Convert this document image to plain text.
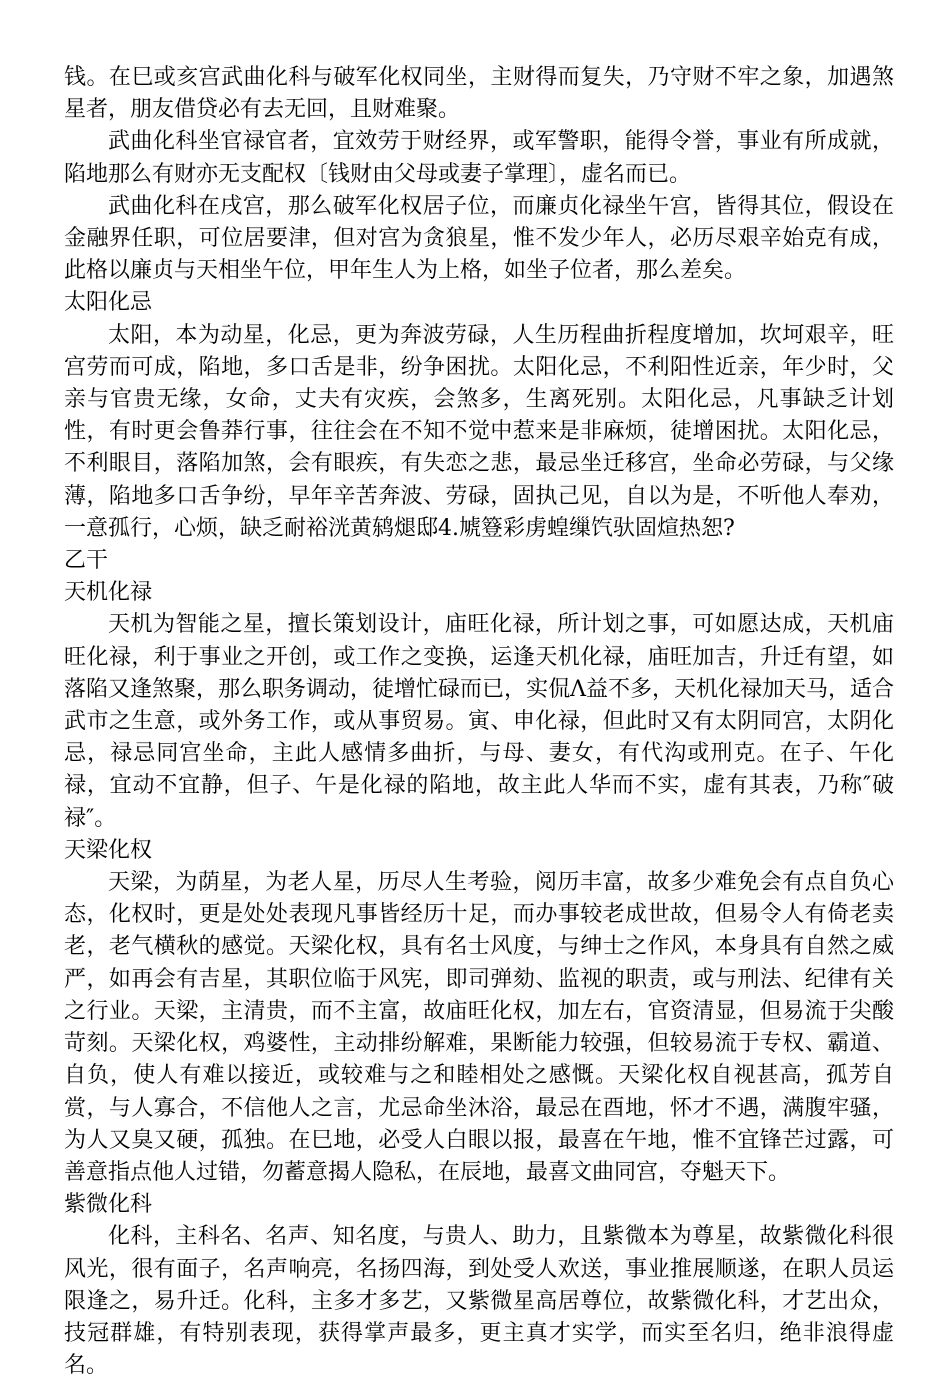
钱。在巳或亥宫武曲化科与破军化权同坐，主财得而复失，乃守财不牢之象，加遇煞星者，朋友借贷必有去无回，且财难聚。

武曲化科坐官禄官者，宜效劳于财经界，或军警职，能得令誉，事业有所成就，陷地那么有财亦无支配权〔钱财由父母或妻子掌理〕，虚名而已。

武曲化科在戌宫，那么破军化权居子位，而廉贞化禄坐午宫，皆得其位，假设在金融界任职，可位居要津，但对宫为贪狼星，惟不发少年人，必历尽艰辛始克有成，此格以廉贞与天相坐午位，甲年生人为上格，如坐子位者，那么差矣。

太阳化忌

太阳，本为动星，化忌，更为奔波劳碌，人生历程曲折程度增加，坎坷艰辛，旺宫劳而可成，陷地，多口舌是非，纷争困扰。太阳化忌，不利阳性近亲，年少时，父亲与官贵无缘，女命，丈夫有灾疾，会煞多，生离死别。太阳化忌，凡事缺乏计划性，有时更会鲁莽行事，往往会在不知不觉中惹来是非麻烦，徒增困扰。太阳化忌，不利眼目，落陷加煞，会有眼疾，有失恋之悲，最忌坐迁移宫，坐命必劳碌，与父缘薄，陷地多口舌争纷，早年辛苦奔波、劳碌，固执己见，自以为是，不听他人奉劝，一意孤行，心烦，缺乏耐裕洸黄鸫煺邸4.虓簦彩虏蝗缫饩驮固煊热恕?

乙干
天机化禄

天机为智能之星，擅长策划设计，庙旺化禄，所计划之事，可如愿达成，天机庙旺化禄，利于事业之开创，或工作之变换，运逢天机化禄，庙旺加吉，升迁有望，如落陷又逢煞聚，那么职务调动，徒增忙碌而已，实侃Λ益不多，天机化禄加天马，适合武市之生意，或外务工作，或从事贸易。寅、申化禄，但此时又有太阴同宫，太阴化忌，禄忌同宫坐命，主此人感情多曲折，与母、妻女，有代沟或刑克。在子、午化禄，宜动不宜静，但子、午是化禄的陷地，故主此人华而不实，虚有其表，乃称″破禄″。

天梁化权

天梁，为荫星，为老人星，历尽人生考验，阅历丰富，故多少难免会有点自负心态，化权时，更是处处表现凡事皆经历十足，而办事较老成世故，但易令人有倚老卖老，老气横秋的感觉。天梁化权，具有名士风度，与绅士之作风，本身具有自然之威严，如再会有吉星，其职位临于风宪，即司弹劾、监视的职责，或与刑法、纪律有关之行业。天梁，主清贵，而不主富，故庙旺化权，加左右，官资清显，但易流于尖酸苛刻。天梁化权，鸡婆性，主动排纷解难，果断能力较强，但较易流于专权、霸道、自负，使人有难以接近，或较难与之和睦相处之感慨。天梁化权自视甚高，孤芳自赏，与人寡合，不信他人之言，尤忌命坐沐浴，最忌在酉地，怀才不遇，满腹牢骚，为人又臭又硬，孤独。在巳地，必受人白眼以报，最喜在午地，惟不宜锋芒过露，可善意指点他人过错，勿蓄意揭人隐私，在辰地，最喜文曲同宫，夺魁天下。

紫微化科

化科，主科名、名声、知名度，与贵人、助力，且紫微本为尊星，故紫微化科很风光，很有面子，名声响亮，名扬四海，到处受人欢送，事业推展顺遂，在职人员运限逢之，易升迁。化科，主多才多艺，又紫微星高居尊位，故紫微化科，才艺出众，技冠群雄，有特别表现，获得掌声最多，更主真才实学，而实至名归，绝非浪得虚名。
